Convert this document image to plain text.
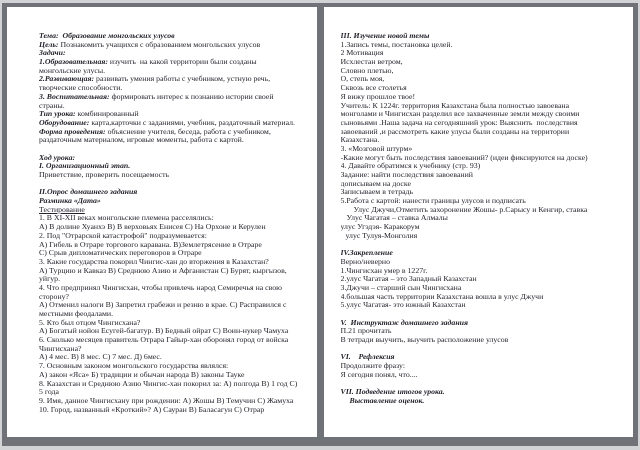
Тема:  Образование монгольских улусов
Цель: Познакомить учащихся с образованием монгольских улусов
Задачи:
1.Образовательная: изучить  на какой территории были созданы
монгольские улусы.
2.Развивающая: развивать умения работы с учебником, устную речь,
творческие способности.
3. Воспитательная: формировать интерес к познанию истории своей
страны.
Тип урока: комбинированный
Оборудование: карта,карточки с заданиями, учебник, раздаточный материал.
Форма проведения: объяснение учителя, беседа, работа с учебником,
раздаточным материалом, игровые моменты, работа с картой.
Ход урока:
I. Организационный этап.
Приветствие, проверить посещаемость
II.Опрос домашнего задания
Разминка «Дата»
Тестирование
1. В XI-XII веках монгольские племена расселялись:
А) В долине Хуанхэ В) В верховьях Енисея С) На Орхоне и Керулен
2. Под "Отрарской катастрофой" подразумевается:
А) Гибель в Отраре торгового каравана. В)Землетрясение в Отраре
С) Срыв дипломатических переговоров в Отраре
3. Какие государства покорил Чингис-хан до вторжения в Казахстан?
А) Турцию и Кавказ В) Среднюю Азию и Афганистан С) Бурят, кыргызов,
уйгур.
4. Что предпринял Чингисхан, чтобы привлечь народ Семиречья на свою
сторону?
А) Отменил налоги В) Запретил грабежи и резню в крае. С) Расправился с
местными феодалами.
5. Кто был отцом Чингисхана?
А) Богатый нойон Есугей-багатур. В) Бедный ойрат С) Воин-нукер Чамуха
6. Сколько месяцев правитель Отрара Гайыр-хан оборонял город от войска
Чингисхана?
А) 4 мес. В) 8 мес. С) 7 мес. Д) 6мес.
7. Основным законом монгольского государства являлся:
А) закон «Яса» Б) традиции и обычаи народа В) законы Тауке
8. Казахстан и Среднюю Азию Чингис-хан покорил за: А) полгода В) 1 год С)
5 года
9. Имя, данное Чингисхану при рождении: А) Жошы В) Темучин С) Жамуха
10. Город, названный «Кроткий»? А) Сауран В) Баласагун С) Отрар
III. Изучение новой темы
1.Запись темы, постановка целей.
2 Мотивация
Исхлестан ветром,
Словно плетью,
О, степь моя,
Сквозь все столетья
Я вижу прошлое твое!
Учитель: К 1224г. территория Казахстана была полностью завоевана
монголами и Чингисхан разделил все захваченные земли между своими
сыновьями .Наша задача на сегодняшний урок: Выяснить  последствия
завоеваний ,и рассмотреть какие улусы были созданы на территории
Казахстана.
3. «Мозговой штурм»
-Какие могут быть последствия завоеваний? (идеи фиксируются на доске)
4. Давайте обратимся к учебнику (стр. 93)
Задание: найти последствия завоеваний
дописываем на доске
Записываем в тетрадь
5.Работа с картой: нанести границы улусов и подписать
Улус Джучи,Отметить захоронение Жошы- р.Сарысу и Кенгир, ставка
Улус Чагатая – ставка Алмалы
улус Угэдэя- Каракорум
улус Тулуя-Монголия
IV.Закрепление
Верно/неверно
1.Чингисхан умер в 1227г.
2.улус Чагатая – это Западный Казахстан
3.Джучи – старший сын Чингисхана
4.большая часть территории Казахстана вошла в улус Джучи
5.улус Чагатая- это южный Казахстан
V.  Инструктаж домашнего задания
П.21 прочитать
В тетради выучить, выучить расположение улусов
VI.    Рефлексия
Продолжите фразу:
Я сегодня понял, что....
VII. Подведение итогов урока.
Выставление оценок.
